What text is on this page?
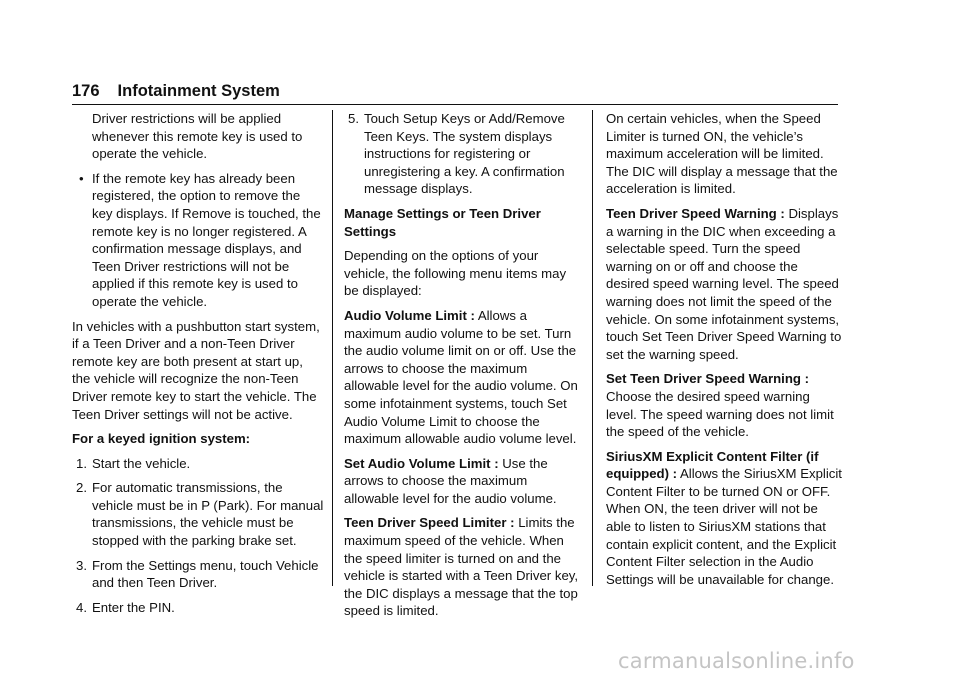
176 Infotainment System

Driver restrictions will be applied whenever this remote key is used to operate the vehicle.

• If the remote key has already been registered, the option to remove the key displays. If Remove is touched, the remote key is no longer registered. A confirmation message displays, and Teen Driver restrictions will not be applied if this remote key is used to operate the vehicle.

In vehicles with a pushbutton start system, if a Teen Driver and a non-Teen Driver remote key are both present at start up, the vehicle will recognize the non-Teen Driver remote key to start the vehicle. The Teen Driver settings will not be active.

For a keyed ignition system:

1. Start the vehicle.
2. For automatic transmissions, the vehicle must be in P (Park). For manual transmissions, the vehicle must be stopped with the parking brake set.
3. From the Settings menu, touch Vehicle and then Teen Driver.
4. Enter the PIN.
5. Touch Setup Keys or Add/Remove Teen Keys. The system displays instructions for registering or unregistering a key. A confirmation message displays.

Manage Settings or Teen Driver Settings

Depending on the options of your vehicle, the following menu items may be displayed:

Audio Volume Limit : Allows a maximum audio volume to be set. Turn the audio volume limit on or off. Use the arrows to choose the maximum allowable level for the audio volume. On some infotainment systems, touch Set Audio Volume Limit to choose the maximum allowable audio volume level.

Set Audio Volume Limit : Use the arrows to choose the maximum allowable level for the audio volume.

Teen Driver Speed Limiter : Limits the maximum speed of the vehicle. When the speed limiter is turned on and the vehicle is started with a Teen Driver key, the DIC displays a message that the top speed is limited.

On certain vehicles, when the Speed Limiter is turned ON, the vehicle’s maximum acceleration will be limited. The DIC will display a message that the acceleration is limited.

Teen Driver Speed Warning : Displays a warning in the DIC when exceeding a selectable speed. Turn the speed warning on or off and choose the desired speed warning level. The speed warning does not limit the speed of the vehicle. On some infotainment systems, touch Set Teen Driver Speed Warning to set the warning speed.

Set Teen Driver Speed Warning : Choose the desired speed warning level. The speed warning does not limit the speed of the vehicle.

SiriusXM Explicit Content Filter (if equipped) : Allows the SiriusXM Explicit Content Filter to be turned ON or OFF. When ON, the teen driver will not be able to listen to SiriusXM stations that contain explicit content, and the Explicit Content Filter selection in the Audio Settings will be unavailable for change.

carmanualsonline.info
